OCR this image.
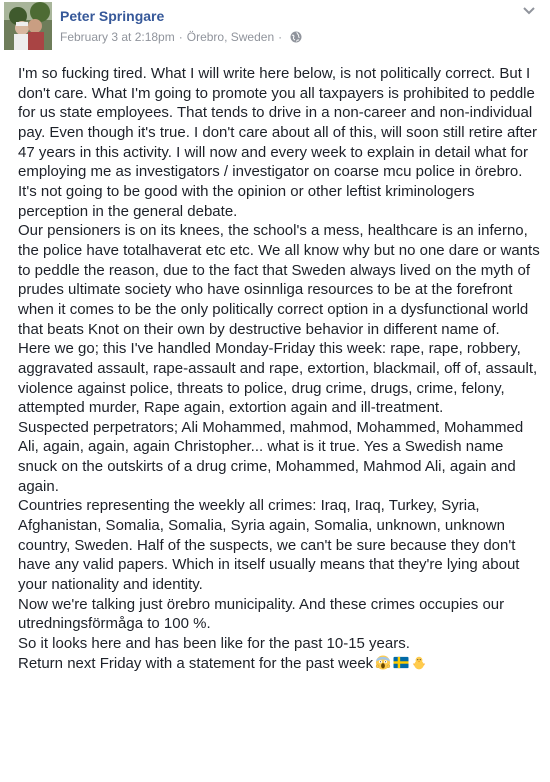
Peter Springare
February 3 at 2:18pm · Örebro, Sweden ·

I'm so fucking tired. What I will write here below, is not politically correct. But I don't care. What I'm going to promote you all taxpayers is prohibited to peddle for us state employees. That tends to drive in a non-career and non-individual pay. Even though it's true. I don't care about all of this, will soon still retire after 47 years in this activity. I will now and every week to explain in detail what for employing me as investigators / investigator on coarse mcu police in örebro. It's not going to be good with the opinion or other leftist kriminologers perception in the general debate.

Our pensioners is on its knees, the school's a mess, healthcare is an inferno, the police have totalhaverat etc etc. We all know why but no one dare or wants to peddle the reason, due to the fact that Sweden always lived on the myth of prudes ultimate society who have osinnliga resources to be at the forefront when it comes to be the only politically correct option in a dysfunctional world that beats Knot on their own by destructive behavior in different name of.

Here we go; this I've handled Monday-Friday this week: rape, rape, robbery, aggravated assault, rape-assault and rape, extortion, blackmail, off of, assault, violence against police, threats to police, drug crime, drugs, crime, felony, attempted murder, Rape again, extortion again and ill-treatment.

Suspected perpetrators; Ali Mohammed, mahmod, Mohammed, Mohammed Ali, again, again, again Christopher... what is it true. Yes a Swedish name snuck on the outskirts of a drug crime, Mohammed, Mahmod Ali, again and again.

Countries representing the weekly all crimes: Iraq, Iraq, Turkey, Syria, Afghanistan, Somalia, Somalia, Syria again, Somalia, unknown, unknown country, Sweden. Half of the suspects, we can't be sure because they don't have any valid papers. Which in itself usually means that they're lying about your nationality and identity.

Now we're talking just örebro municipality. And these crimes occupies our utredningsförmåga to 100 %.

So it looks here and has been like for the past 10-15 years.

Return next Friday with a statement for the past week
